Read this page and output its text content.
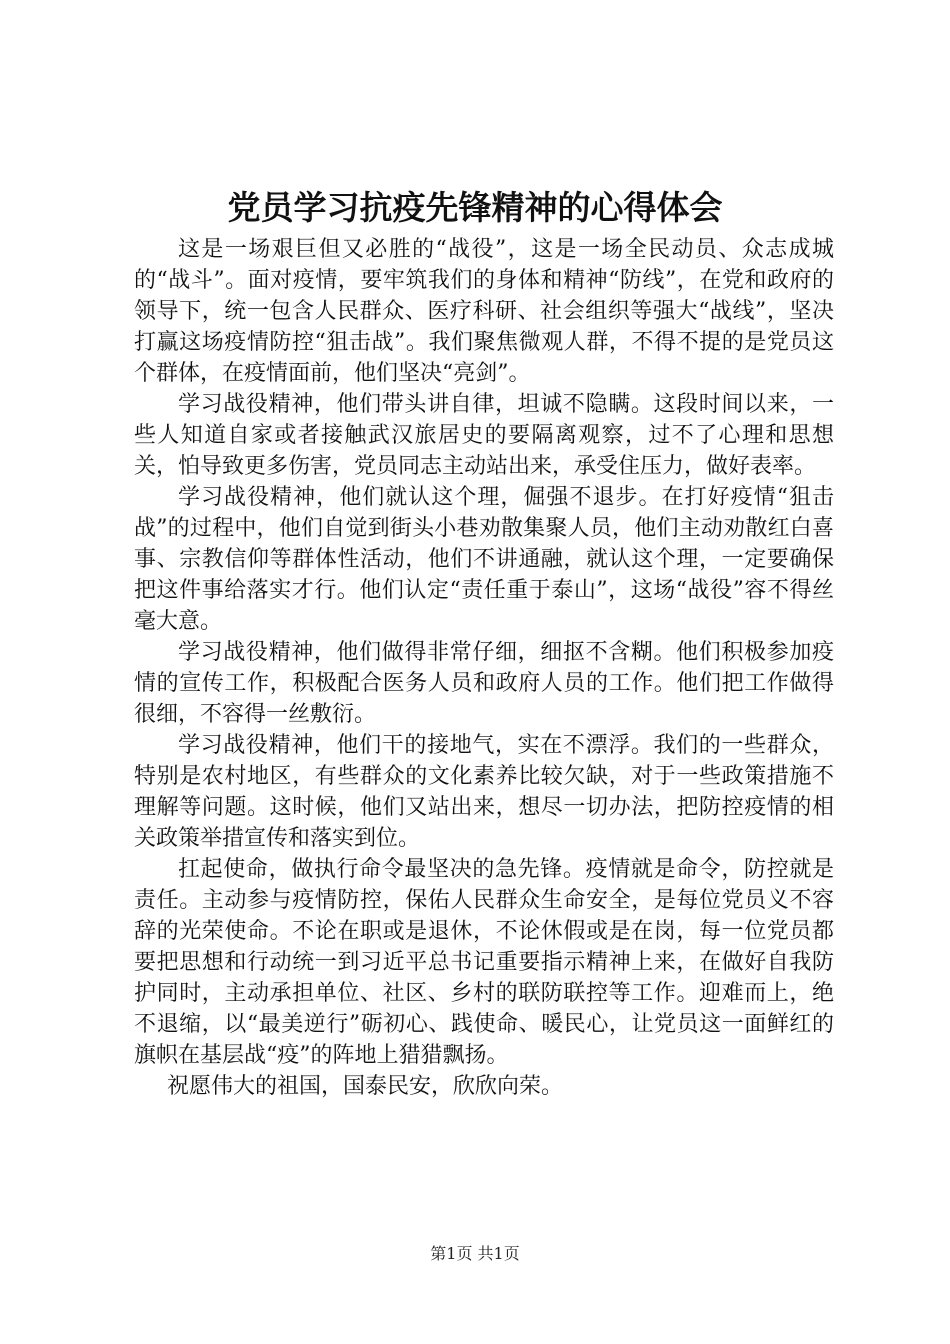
党员学习抗疫先锋精神的心得体会

这是一场艰巨但又必胜的“战役”，这是一场全民动员、众志成城的“战斗”。面对疫情，要牢筑我们的身体和精神“防线”，在党和政府的领导下，统一包含人民群众、医疗科研、社会组织等强大“战线”，坚决打赢这场疫情防控“狙击战”。我们聚焦微观人群，不得不提的是党员这个群体，在疫情面前，他们坚决“亮剑”。

学习战役精神，他们带头讲自律，坦诚不隐瞒。这段时间以来，一些人知道自家或者接触武汉旅居史的要隔离观察，过不了心理和思想关，怕导致更多伤害，党员同志主动站出来，承受住压力，做好表率。

学习战役精神，他们就认这个理，倔强不退步。在打好疫情“狙击战”的过程中，他们自觉到街头小巷劝散集聚人员，他们主动劝散红白喜事、宗教信仰等群体性活动，他们不讲通融，就认这个理，一定要确保把这件事给落实才行。他们认定“责任重于泰山”，这场“战役”容不得丝毫大意。

学习战役精神，他们做得非常仔细，细抠不含糊。他们积极参加疫情的宣传工作，积极配合医务人员和政府人员的工作。他们把工作做得很细，不容得一丝敷衍。

学习战役精神，他们干的接地气，实在不漂浮。我们的一些群众，特别是农村地区，有些群众的文化素养比较欠缺，对于一些政策措施不理解等问题。这时候，他们又站出来，想尽一切办法，把防控疫情的相关政策举措宣传和落实到位。

扛起使命，做执行命令最坚决的急先锋。疫情就是命令，防控就是责任。主动参与疫情防控，保佑人民群众生命安全，是每位党员义不容辞的光荣使命。不论在职或是退休，不论休假或是在岗，每一位党员都要把思想和行动统一到习近平总书记重要指示精神上来，在做好自我防护同时，主动承担单位、社区、乡村的联防联控等工作。迎难而上，绝不退缩，以“最美逆行”砺初心、践使命、暖民心，让党员这一面鲜红的旗帜在基层战“疫”的阵地上猎猎飘扬。

祝愿伟大的祖国，国泰民安，欣欣向荣。

第1页 共1页
